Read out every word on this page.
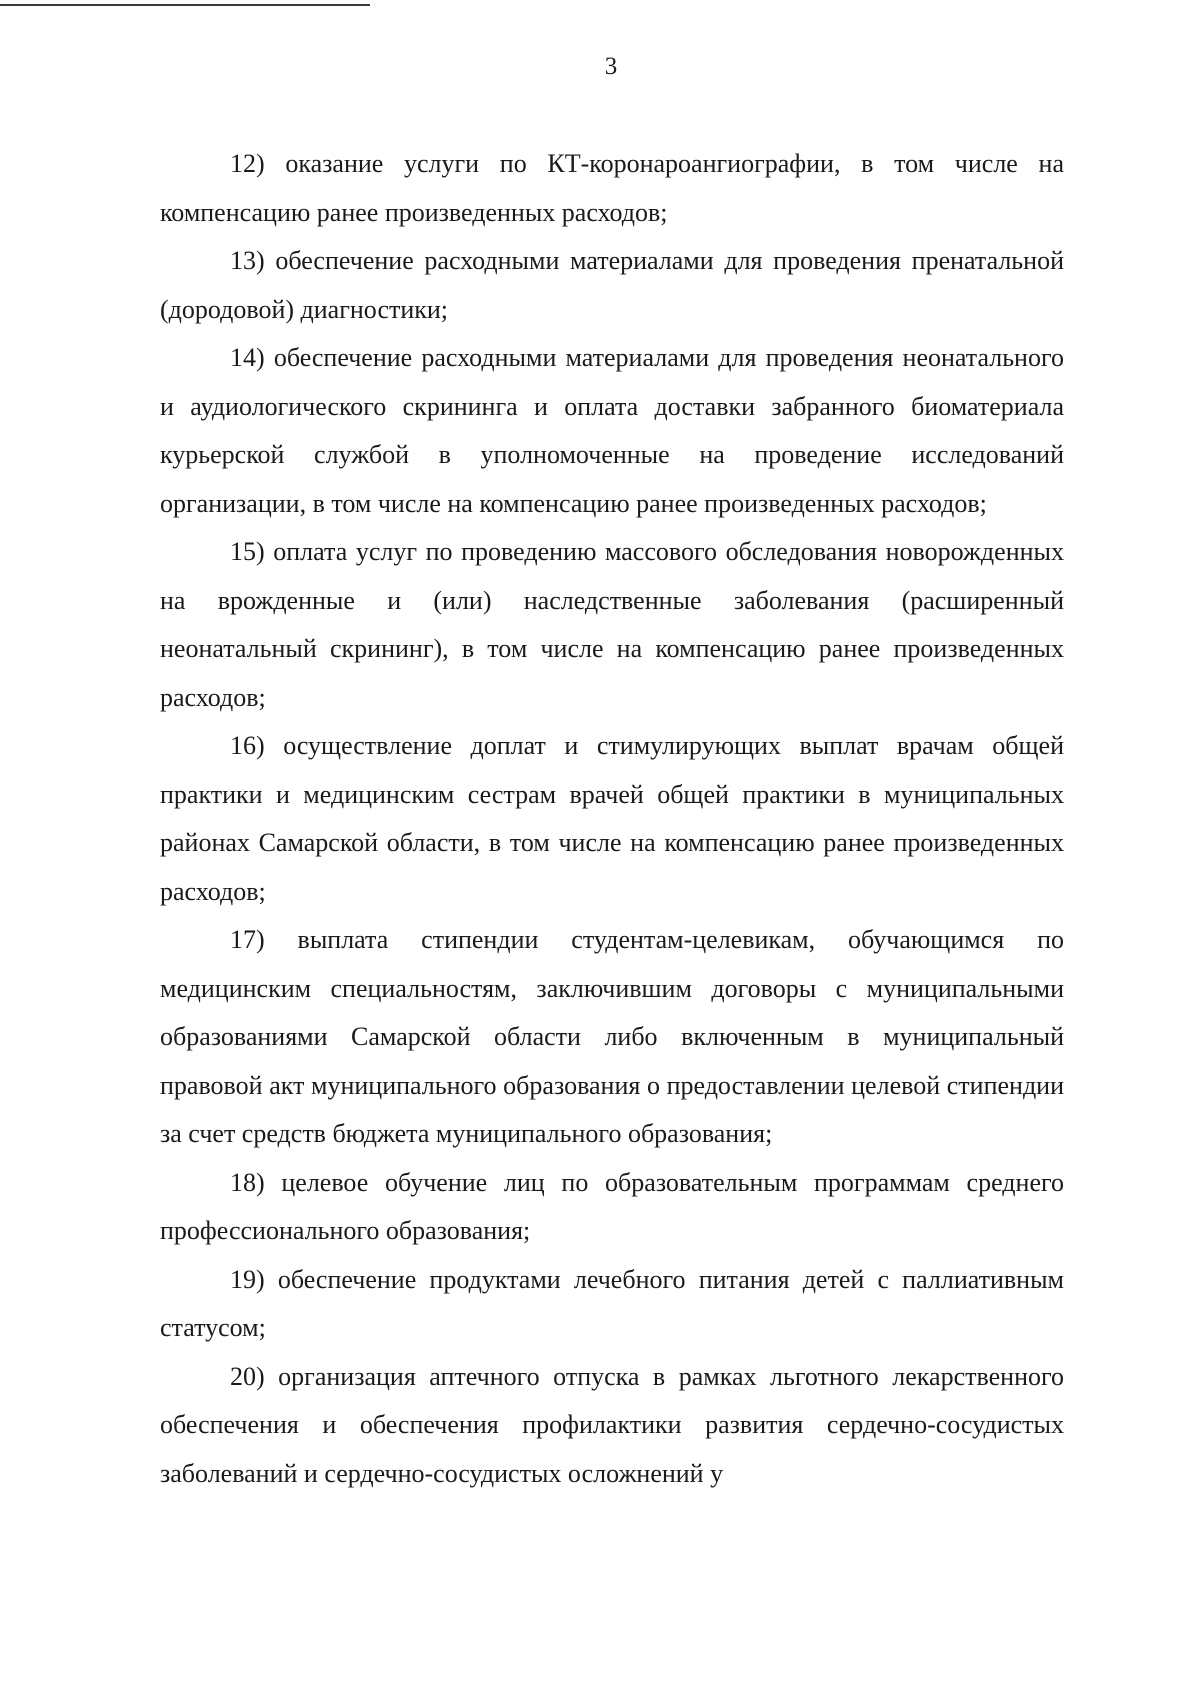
3

12) оказание услуги по КТ-коронароангиографии, в том числе на компенсацию ранее произведенных расходов;

13) обеспечение расходными материалами для проведения пренатальной (дородовой) диагностики;

14) обеспечение расходными материалами для проведения неонатального и аудиологического скрининга и оплата доставки забранного биоматериала курьерской службой в уполномоченные на проведение исследований организации, в том числе на компенсацию ранее произведенных расходов;

15) оплата услуг по проведению массового обследования новорожденных на врожденные и (или) наследственные заболевания (расширенный неонатальный скрининг), в том числе на компенсацию ранее произведенных расходов;

16) осуществление доплат и стимулирующих выплат врачам общей практики и медицинским сестрам врачей общей практики в муниципальных районах Самарской области, в том числе на компенсацию ранее произведенных расходов;

17) выплата стипендии студентам-целевикам, обучающимся по медицинским специальностям, заключившим договоры с муниципальными образованиями Самарской области либо включенным в муниципальный правовой акт муниципального образования о предоставлении целевой стипендии за счет средств бюджета муниципального образования;

18) целевое обучение лиц по образовательным программам среднего профессионального образования;

19) обеспечение продуктами лечебного питания детей с паллиативным статусом;

20) организация аптечного отпуска в рамках льготного лекарственного обеспечения и обеспечения профилактики развития сердечно-сосудистых заболеваний и сердечно-сосудистых осложнений у
